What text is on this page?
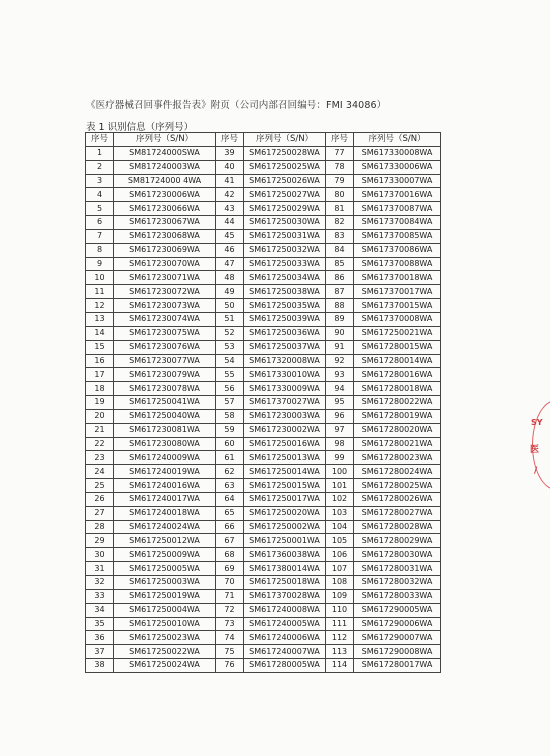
《医疗器械召回事件报告表》附页（公司内部召回编号：FMI 34086）
表 1 识别信息（序列号）
序号	序列号（S/N）	序号	序列号（S/N）	序号	序列号（S/N）
1	SM81724000SWA	39	SM617250028WA	77	SM617330008WA
2	SM817240003WA	40	SM617250025WA	78	SM617330006WA
3	SM81724000 4WA	41	SM617250026WA	79	SM617330007WA
4	SM617230006WA	42	SM617250027WA	80	SM617370016WA
5	SM617230066WA	43	SM617250029WA	81	SM617370087WA
6	SM617230067WA	44	SM617250030WA	82	SM617370084WA
7	SM617230068WA	45	SM617250031WA	83	SM617370085WA
8	SM617230069WA	46	SM617250032WA	84	SM617370086WA
9	SM617230070WA	47	SM617250033WA	85	SM617370088WA
10	SM617230071WA	48	SM617250034WA	86	SM617370018WA
11	SM617230072WA	49	SM617250038WA	87	SM617370017WA
12	SM617230073WA	50	SM617250035WA	88	SM617370015WA
13	SM617230074WA	51	SM617250039WA	89	SM617370008WA
14	SM617230075WA	52	SM617250036WA	90	SM617250021WA
15	SM617230076WA	53	SM617250037WA	91	SM617280015WA
16	SM617230077WA	54	SM617320008WA	92	SM617280014WA
17	SM617230079WA	55	SM617330010WA	93	SM617280016WA
18	SM617230078WA	56	SM617330009WA	94	SM617280018WA
19	SM617250041WA	57	SM617370027WA	95	SM617280022WA
20	SM617250040WA	58	SM617230003WA	96	SM617280019WA
21	SM617230081WA	59	SM617230002WA	97	SM617280020WA
22	SM617230080WA	60	SM617250016WA	98	SM617280021WA
23	SM617240009WA	61	SM617250013WA	99	SM617280023WA
24	SM617240019WA	62	SM617250014WA	100	SM617280024WA
25	SM617240016WA	63	SM617250015WA	101	SM617280025WA
26	SM617240017WA	64	SM617250017WA	102	SM617280026WA
27	SM617240018WA	65	SM617250020WA	103	SM617280027WA
28	SM617240024WA	66	SM617250002WA	104	SM617280028WA
29	SM617250012WA	67	SM617250001WA	105	SM617280029WA
30	SM617250009WA	68	SM617360038WA	106	SM617280030WA
31	SM617250005WA	69	SM617380014WA	107	SM617280031WA
32	SM617250003WA	70	SM617250018WA	108	SM617280032WA
33	SM617250019WA	71	SM617370028WA	109	SM617280033WA
34	SM617250004WA	72	SM617240008WA	110	SM617290005WA
35	SM617250010WA	73	SM617240005WA	111	SM617290006WA
36	SM617250023WA	74	SM617240006WA	112	SM617290007WA
37	SM617250022WA	75	SM617240007WA	113	SM617290008WA
38	SM617250024WA	76	SM617280005WA	114	SM617280017WA
SY
医
/
